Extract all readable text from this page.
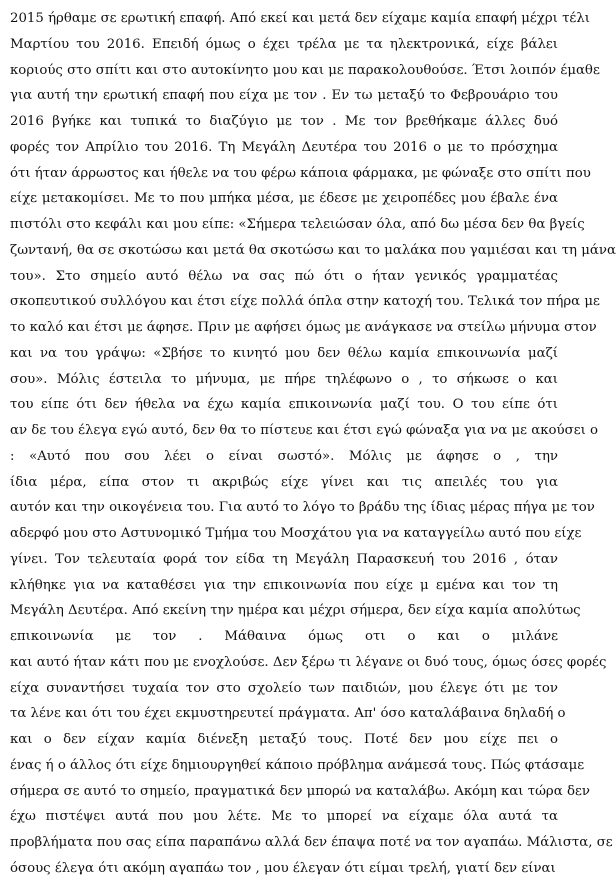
2015 ήρθαμε σε ερωτική επαφή. Από εκεί και μετά δεν είχαμε καμία επαφή μέχρι τέλι
Μαρτίου του 2016. Επειδή όμως ο έχει τρέλα με τα ηλεκτρονικά, είχε βάλει
κοριούς στο σπίτι και στο αυτοκίνητο μου και με παρακολουθούσε. Έτσι λοιπόν έμαθε
για αυτή την ερωτική επαφή που είχα με τον . Εν τω μεταξύ το Φεβρουάριο του
2016 βγήκε και τυπικά το διαζύγιο με τον . Με τον βρεθήκαμε άλλες δυό
φορές τον Απρίλιο του 2016. Τη Μεγάλη Δευτέρα του 2016 ο με το πρόσχημα
ότι ήταν άρρωστος και ήθελε να του φέρω κάποια φάρμακα, με φώναξε στο σπίτι που
είχε μετακομίσει. Με το που μπήκα μέσα, με έδεσε με χειροπέδες μου έβαλε ένα
πιστόλι στο κεφάλι και μου είπε: «Σήμερα τελειώσαν όλα, από δω μέσα δεν θα βγείς
ζωντανή, θα σε σκοτώσω και μετά θα σκοτώσω και το μαλάκα που γαμιέσαι και τη μάνα
του». Στο σημείο αυτό θέλω να σας πώ ότι ο ήταν γενικός γραμματέας
σκοπευτικού συλλόγου και έτσι είχε πολλά όπλα στην κατοχή του. Τελικά τον πήρα με
το καλό και έτσι με άφησε. Πριν με αφήσει όμως με ανάγκασε να στείλω μήνυμα στον
και να του γράψω: «Σβήσε το κινητό μου δεν θέλω καμία επικοινωνία μαζί
σου». Μόλις έστειλα το μήνυμα, με πήρε τηλέφωνο ο , το σήκωσε ο και
του είπε ότι δεν ήθελα να έχω καμία επικοινωνία μαζί του. Ο του είπε ότι
αν δε του έλεγα εγώ αυτό, δεν θα το πίστευε και έτσι εγώ φώναξα για να με ακούσει ο
: «Αυτό που σου λέει ο είναι σωστό». Μόλις με άφησε ο , την
ίδια μέρα, είπα στον τι ακριβώς είχε γίνει και τις απειλές του για
αυτόν και την οικογένεια του. Για αυτό το λόγο το βράδυ της ίδιας μέρας πήγα με τον
αδερφό μου στο Αστυνομικό Τμήμα του Μοσχάτου για να καταγγείλω αυτό που είχε
γίνει. Τον τελευταία φορά τον είδα τη Μεγάλη Παρασκευή του 2016 , όταν
κλήθηκε για να καταθέσει για την επικοινωνία που είχε μ εμένα και τον τη
Μεγάλη Δευτέρα. Από εκείνη την ημέρα και μέχρι σήμερα, δεν είχα καμία απολύτως
επικοινωνία με τον . Μάθαινα όμως οτι ο και ο μιλάνε
και αυτό ήταν κάτι που με ενοχλούσε. Δεν ξέρω τι λέγανε οι δυό τους, όμως όσες φορές
είχα συναντήσει τυχαία τον στο σχολείο των παιδιών, μου έλεγε ότι με τον
τα λένε και ότι του έχει εκμυστηρευτεί πράγματα. Απ' όσο καταλάβαινα δηλαδή ο
και ο δεν είχαν καμία διένεξη μεταξύ τους. Ποτέ δεν μου είχε πει ο
ένας ή ο άλλος ότι είχε δημιουργηθεί κάποιο πρόβλημα ανάμεσά τους. Πώς φτάσαμε
σήμερα σε αυτό το σημείο, πραγματικά δεν μπορώ να καταλάβω. Ακόμη και τώρα δεν
έχω πιστέψει αυτά που μου λέτε. Με το μπορεί να είχαμε όλα αυτά τα
προβλήματα που σας είπα παραπάνω αλλά δεν έπαψα ποτέ να τον αγαπάω. Μάλιστα, σε
όσους έλεγα ότι ακόμη αγαπάω τον , μου έλεγαν ότι είμαι τρελή, γιατί δεν είναι
